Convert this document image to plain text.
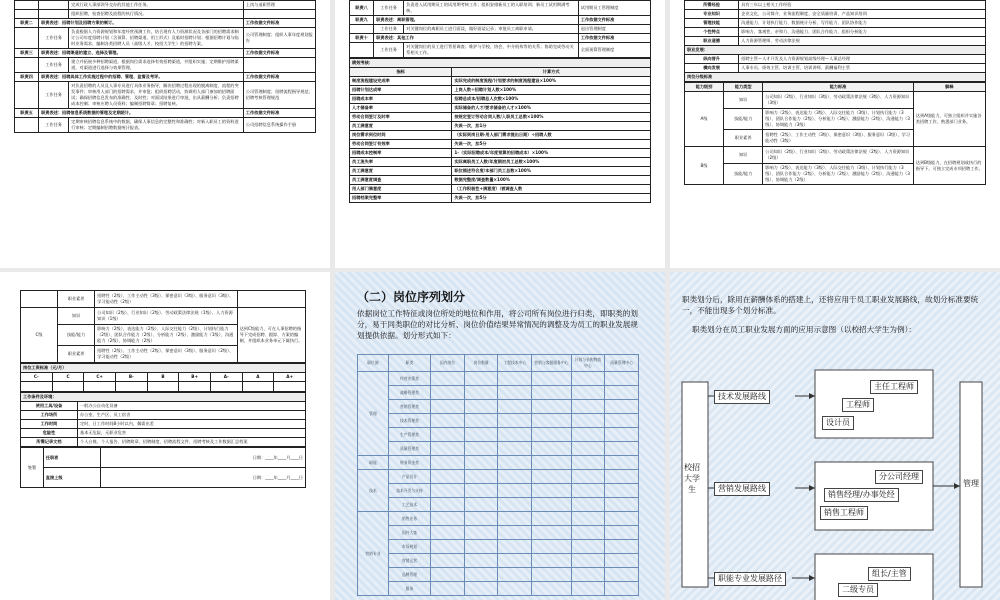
		完成行政人事部领导交办的其他工作任务。	上岗与退职管理
		组织招聘，检查招聘及流程的执行情况。	
职责二	职责表述：招聘计划及招聘方案的制订。		工作依据文件标准
	工作任务	负责根据人力资源规划和年度经营预测工作，结合现有人力资源状况及各部门的招聘需求制订公司年度招聘计划（含预算、招聘渠道、用工形式）及临时招聘计划；根据招聘计划与临时业务需求，编制各类招聘人员（高级人才、校招大学生）的招聘方案。	公司管理制度；组织人事年度规划报告
职责三	职责表述：招聘渠道的建立、选择及管理。		工作依据文件标准
	工作任务	建立并拓展多种招聘渠道，根据岗位需求选择有效招聘渠道，并组织实施；定期维护招聘渠道，对渠道进行选择与效果管理。	
职责四	职责表述：招聘具体工作实施过程中的招聘、管理、监督及考评。		工作依据文件标准
	工作任务	对负责招聘的人员及人事专员进行具体业务指导，解决招聘过程出现的脱离制度、流程的突发事件；审核用人部门的招聘需求，并审批；组织招聘活动，协调用人部门参加的招聘面试；确保招聘信息发布的准确性、及时性；对面试结果进行审批，出具薪酬分析；负责招聘成本控制；审核应聘人员资料；编制招聘简章；招聘复核。	公司管理制度；招聘流程指导规范；招聘考核管理规范
职责五	职责表述：招聘信息系统数据的管理及定期统计。		工作依据文件标准
	工作任务	定期审核招聘信息系统中的数据，确保人事信息的完整性和准确性；对新入职员工的资料进行审核；定期编制招聘数据统计报表。	公司招聘信息系统操作手册
职责八	工作任务	负责进入试用期员工的试用期考核工作；组织安排新员工的入职培训；新员工试用期满考核。	试用期员工管理制度
职责九	职责表述：离职管理。		工作依据文件标准
	工作任务	对关键岗位的离职员工进行面谈，做好面谈记录；审批员工离职申请。	退出管理制度
职责十	职责表述：其他工作		工作依据文件标准
	工作任务	对关键岗位的员工进行背景调查；维护与学校、协会、中介机构等的关系；协助完成劳动关系相关工作。	全面预算管理制度
绩效考核：	
指标	计算方式
制度流程建设完成率	实际完成的制度流程/计划要求的制度流程建设×100%
招聘计划达成率	上岗人数÷招聘计划人数×100%
招聘成本率	招聘总成本/招聘总人次数×100%
人才储备率	实际储备的人才/要求储备的人才×100%
劳动合同签订及时率	按规定签订劳动合同人数/入职员工总数×100%
员工满意度	失误一次，扣1分
岗位需求到位时间	（实际到岗日期-用人部门需求提出日期）÷招聘人数
劳动合同签订有效率	失误一次，扣5分
招聘成本控制率	1-（实际招聘成本/年度预算的招聘成本）×100%
员工流失率	实际离职员工人数/年度期初员工总数×100%
员工满意度	职位描述符合度/本部门员工总数×100%
员工满意度调查	数据完整度/调查数量×100%
用人部门满意度	（工作积极性+满意度）/被调查人数
招聘档案完整率	失误一次，扣5分
所需经验	具有三年以上相关工作经验
专业知识	企业文化、公司简介、业务流程制度、安全质量培训、产品知识培训
管理技能	沟通能力、计划执行能力、数据统计分析、写作能力、团队协作能力
个性特点	影响力、客观性、亲和力、沟通能力、团队合作能力、组织分析能力
职业道德	人力资源管理师、劳动法律法规
职业发展：	
纵向晋升	招聘主管—人才开发及人力资源规划高级经理—人事总经理
横向发展	人事专员、绩效主管、培训主管、培训讲师、薪酬福利主管
岗位分级标准	
能力级别	能力类型	能力标准	解释
A级	知识	公司知识（2级）、行业知识（3级）、劳动政策法律法规（3级）、人力资源知识（3级）	达到A级能力，可独立组织并实施各类招聘工作，熟悉部门业务。
	技能/能力	影响力（2级）、表达能力（3级）、人际交往能力（3级）、计划执行能力（3级）、团队合作能力（2级）、分析能力（3级）、激励能力（2级）、沟通能力（3级）、协调能力（3级）	
	职业素养	招聘性（2级）、工作主动性（3级）、保密意识（3级）、服务意识（3级）、学习能动性（3级）	
B级	知识	公司知识（2级）、行业知识（2级）、劳动政策法律法规（2级）、人力资源知识（2级）	达到B级能力，在招聘规划或执行的指导下，可独立完成专项招聘工作。
	技能/能力	影响力（2级）、表达能力（3级）、人际交往能力（3级）、计划执行能力（3级）、团队合作能力（2级）、分析能力（2级）、激励能力（2级）、沟通能力（3级）、协调能力（2级）	
	职业素养	招聘性（2级）、工作主动性（3级）、保密意识（3级）、服务意识（3级）、学习能动性（2级）	
C级	知识	公司知识（2级）、行业知识（2级）、劳动政策法律法规（1级）、人力资源知识（1级）	达到C级能力，可在人事招聘的指导下完成招聘、跟踪、方案的编制，并组织本业务单元下属执行。
	技能/能力	影响力（2级）、表达能力（2级）、人际交往能力（2级）、计划执行能力（2级）、团队合作能力（2级）、分析能力（2级）、激励能力（1级）、沟通能力（2级）、协调能力（2级）	
	职业素养	招聘性（2级）、工作主动性（2级）、保密意识（3级）、服务意识（2级）、学习能动性（2级）	
岗位工资标准（元/月）								
C-	C	C+	B-	B	B+	A-	A	A+

工作条件及环境：	
使用工具/设备	一般办公自动化设备
工作场所	办公室、生产区、员工宿舍
工作时间	定时，日工作时间8小时以内，偶需出差
危险性	基本无危险，无职业危害
所需记录文档	个人台账、个人报告、招聘简章、招聘制度、招聘流程文件、招聘考核及工作数据汇总档案
签署	任职者	日期：____年____月____日
	直接上级	日期：____年____月____日
（二）岗位序列划分
依据岗位工作特征或岗位所处的地位和作用，将公司所有岗位进行归类，即职类的划分，易于同类职位的对比分析、岗位价值结果异常情况的调整及为员工的职业发展规划提供依据。划分形式如下：
职位族	职类	国内岗位	岗位数量	工程技术中心	营销与客服服务中心	计划与采购物流中心	质量管理中心
管理	经营决策类						
	战略管理类						
	营销管理类						
	技术管理类						
	生产管理类						
	质量管理类						
职能	财务资金类						
技术	产品设计						
	技术开发与支持						
	工艺技术						
营销专业	销售业务						
	国外大客						
	市场规划						
	营销运营						
	品牌管理						
	服务						
职类划分后，除用在薪酬体系的搭建上，还将应用于员工职业发展路线，故划分标准要统一，不能出现多个划分标准。
职类划分在员工职业发展方面的应用示意图（以校招大学生为例）：
校招大学生
管理
技术发展路线
营销发展路线
职能专业发展路径
设计员
工程师
主任工程师
销售工程师
销售经理/办事处经
分公司经理
二级专员
组长/主管
